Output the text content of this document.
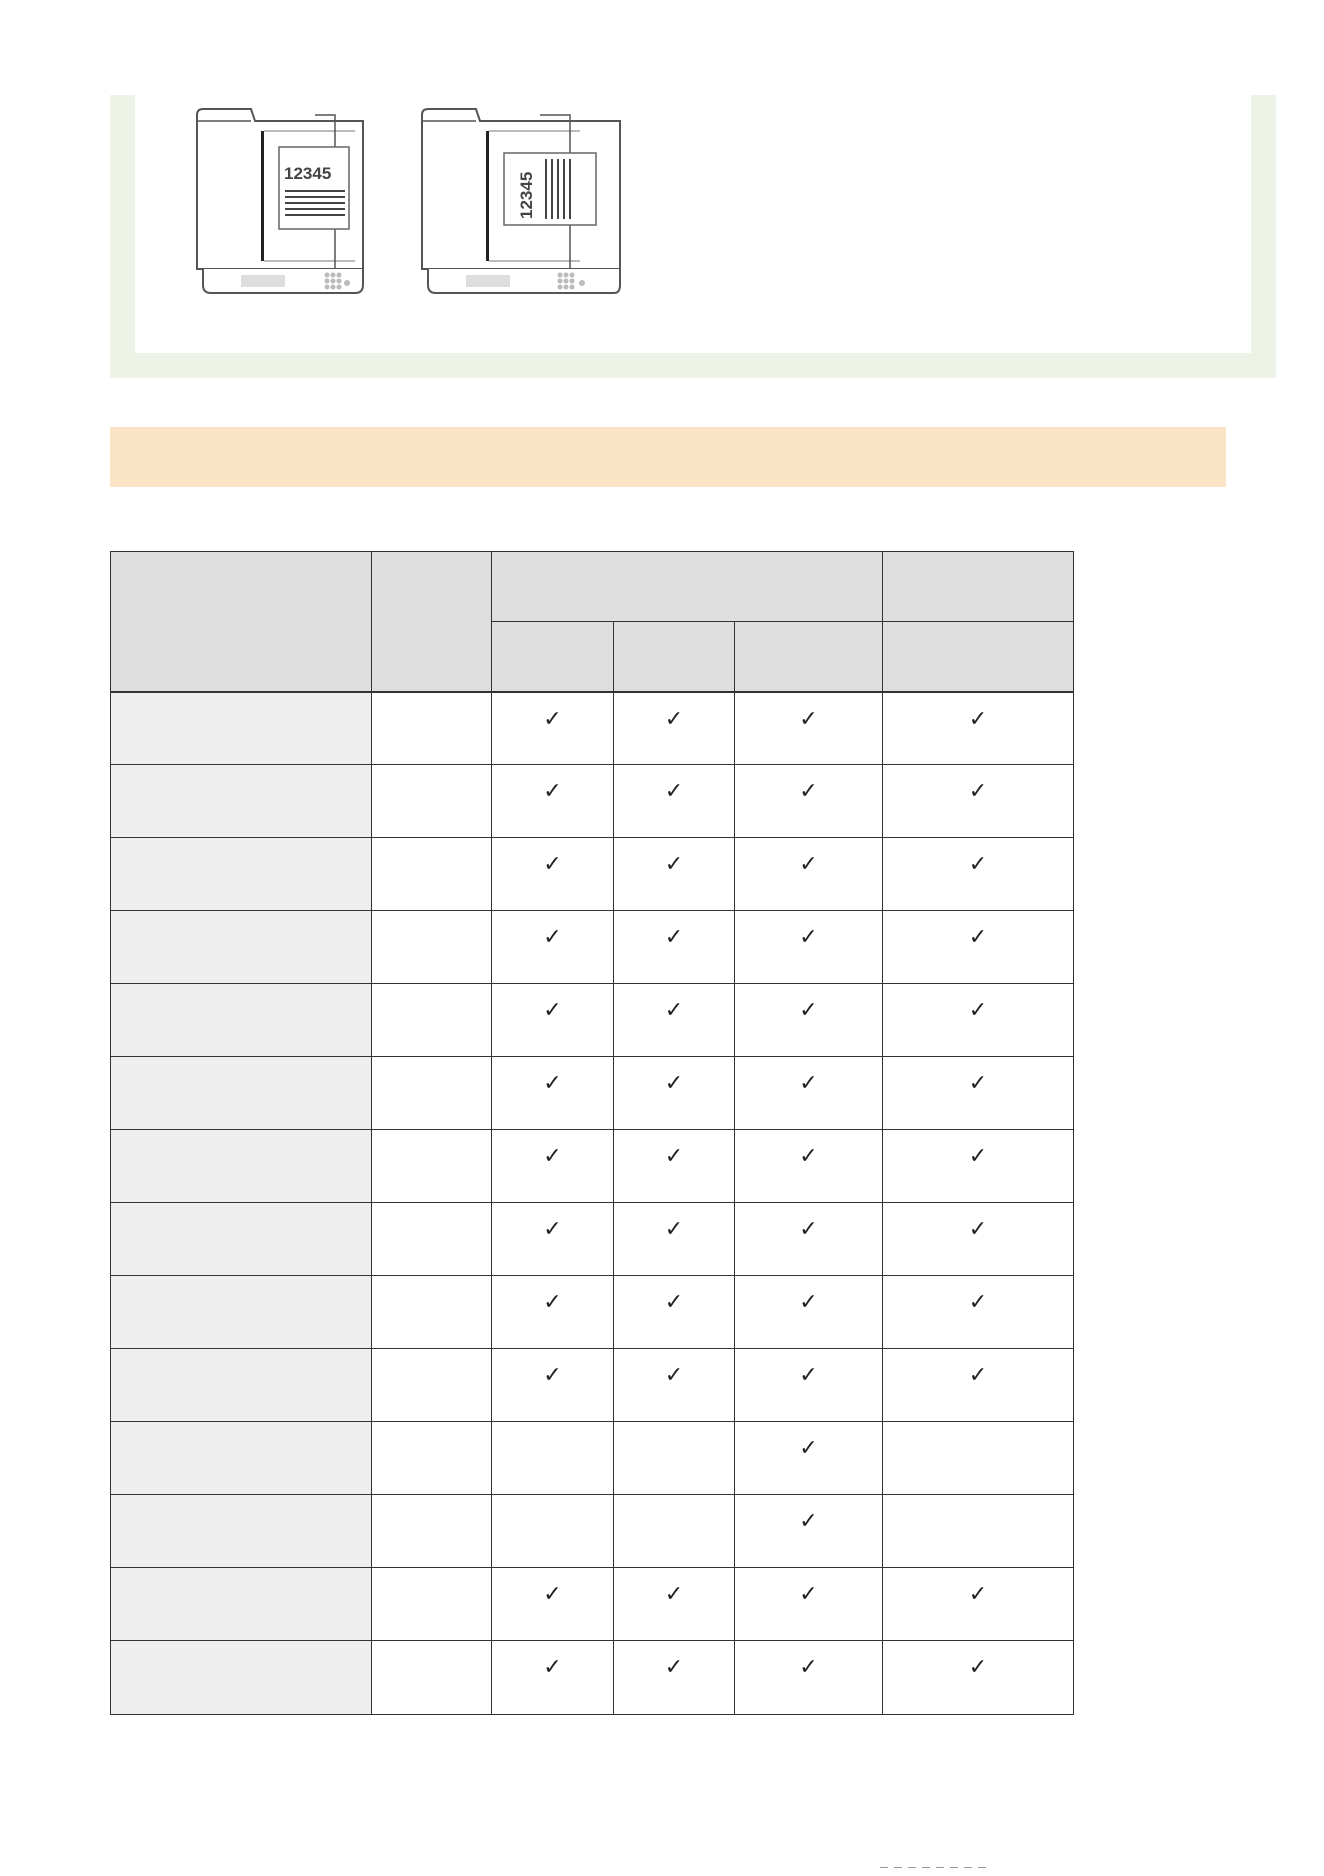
12345	12345

		✓	✓	✓	✓
		✓	✓	✓	✓
		✓	✓	✓	✓
		✓	✓	✓	✓
		✓	✓	✓	✓
		✓	✓	✓	✓
		✓	✓	✓	✓
		✓	✓	✓	✓
		✓	✓	✓	✓
		✓	✓	✓	✓
				✓	
				✓	
		✓	✓	✓	✓
		✓	✓	✓	✓
